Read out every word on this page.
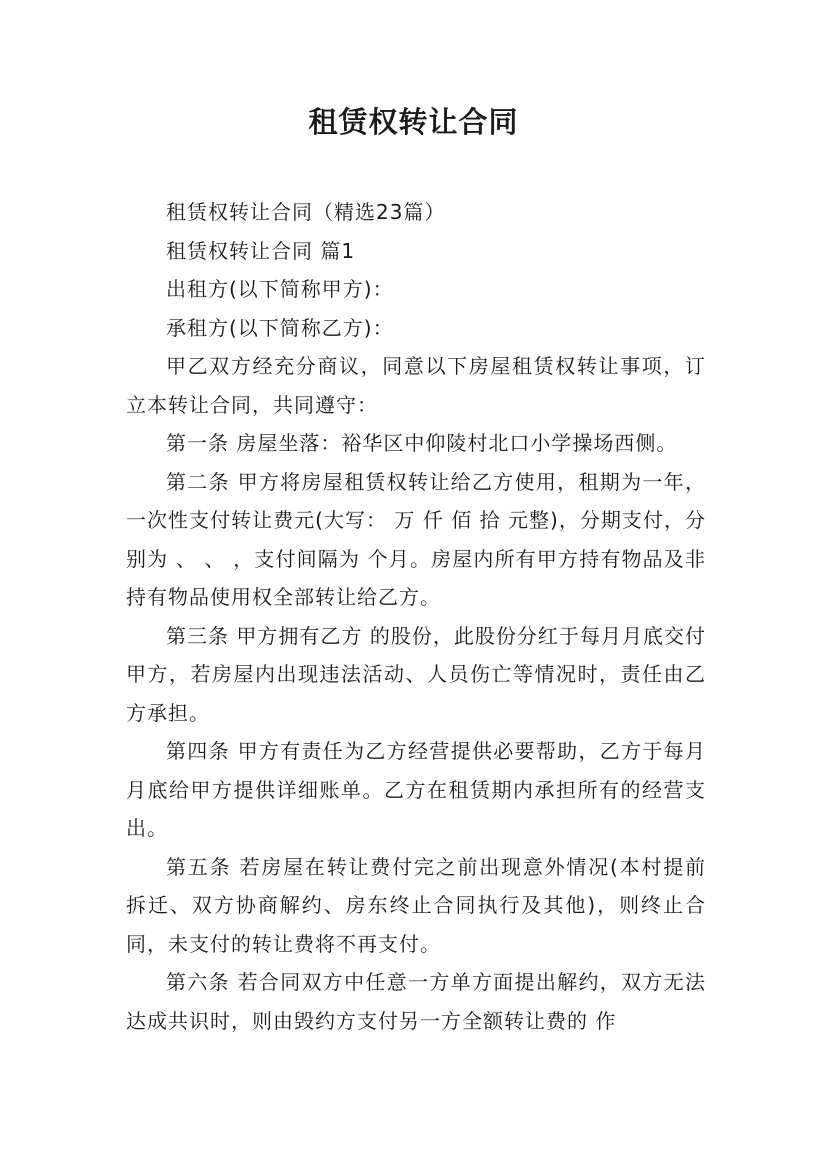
租赁权转让合同

租赁权转让合同（精选23篇）

租赁权转让合同 篇1

出租方(以下简称甲方)：

承租方(以下简称乙方)：

甲乙双方经充分商议，同意以下房屋租赁权转让事项，订立本转让合同，共同遵守：

第一条 房屋坐落：裕华区中仰陵村北口小学操场西侧。

第二条 甲方将房屋租赁权转让给乙方使用，租期为一年，一次性支付转让费元(大写： 万 仟 佰 拾 元整)，分期支付，分别为 、 、 ，支付间隔为 个月。房屋内所有甲方持有物品及非持有物品使用权全部转让给乙方。

第三条 甲方拥有乙方 的股份，此股份分红于每月月底交付甲方，若房屋内出现违法活动、人员伤亡等情况时，责任由乙方承担。

第四条 甲方有责任为乙方经营提供必要帮助，乙方于每月月底给甲方提供详细账单。乙方在租赁期内承担所有的经营支出。

第五条 若房屋在转让费付完之前出现意外情况(本村提前拆迁、双方协商解约、房东终止合同执行及其他)，则终止合同，未支付的转让费将不再支付。

第六条 若合同双方中任意一方单方面提出解约，双方无法达成共识时，则由毁约方支付另一方全额转让费的 作
